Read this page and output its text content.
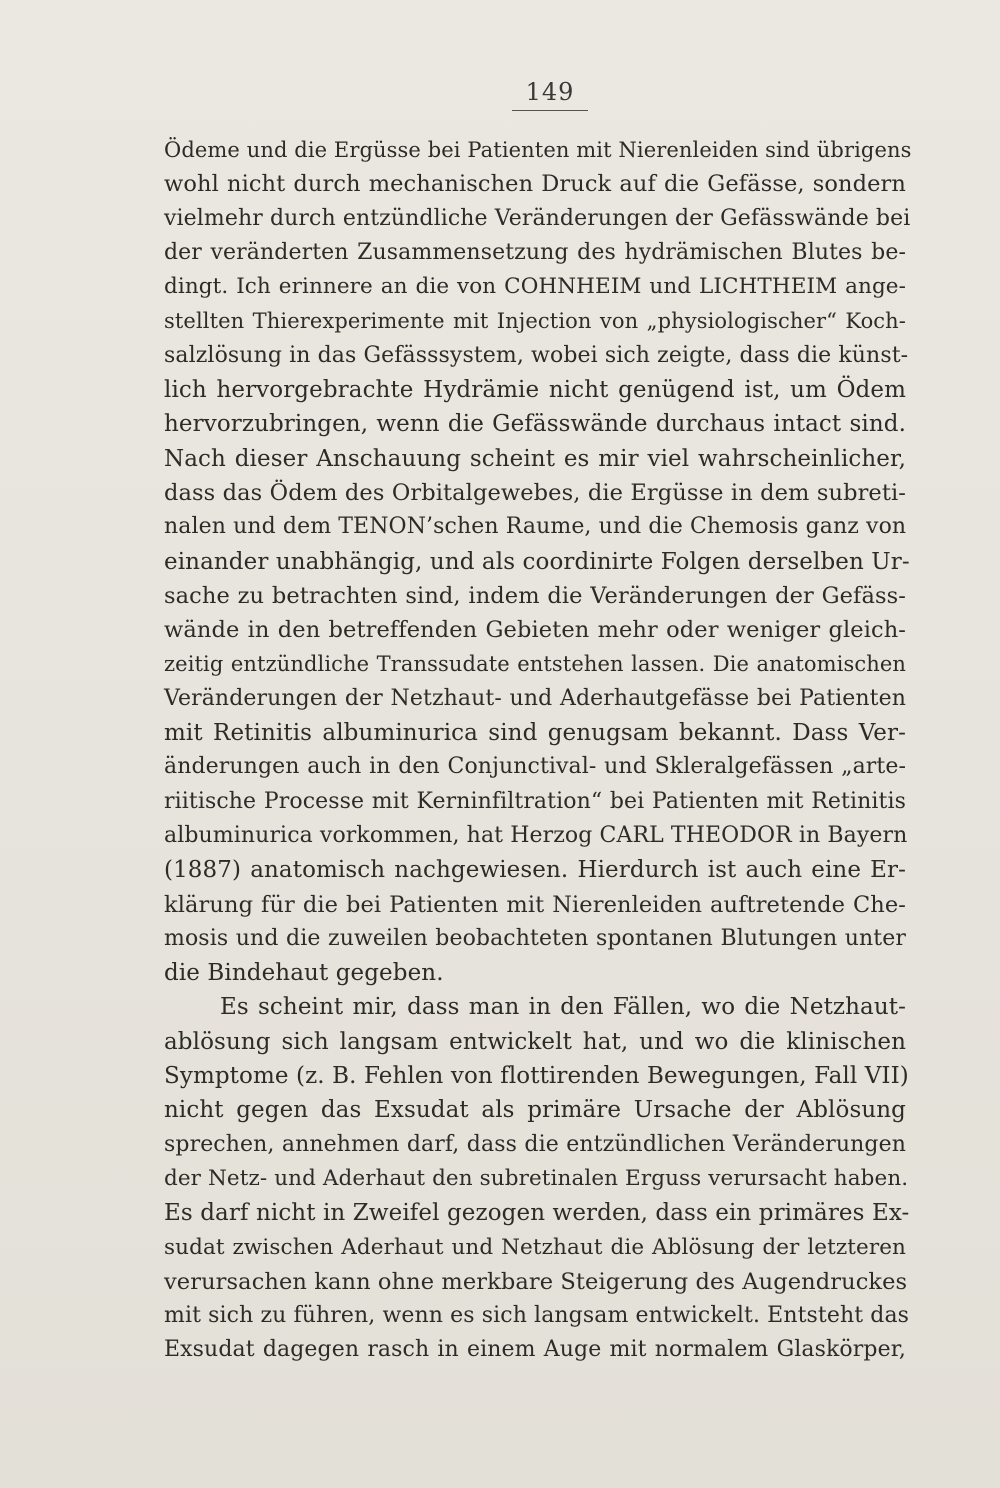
149
Ödeme und die Ergüsse bei Patienten mit Nierenleiden sind übrigens
wohl nicht durch mechanischen Druck auf die Gefässe, sondern
vielmehr durch entzündliche Veränderungen der Gefässwände bei
der veränderten Zusammensetzung des hydrämischen Blutes be-
dingt. Ich erinnere an die von COHNHEIM und LICHTHEIM ange-
stellten Thierexperimente mit Injection von „physiologischer“ Koch-
salzlösung in das Gefässsystem, wobei sich zeigte, dass die künst-
lich hervorgebrachte Hydrämie nicht genügend ist, um Ödem
hervorzubringen, wenn die Gefässwände durchaus intact sind.
Nach dieser Anschauung scheint es mir viel wahrscheinlicher,
dass das Ödem des Orbitalgewebes, die Ergüsse in dem subreti-
nalen und dem TENON’schen Raume, und die Chemosis ganz von
einander unabhängig, und als coordinirte Folgen derselben Ur-
sache zu betrachten sind, indem die Veränderungen der Gefäss-
wände in den betreffenden Gebieten mehr oder weniger gleich-
zeitig entzündliche Transsudate entstehen lassen. Die anatomischen
Veränderungen der Netzhaut- und Aderhautgefässe bei Patienten
mit Retinitis albuminurica sind genugsam bekannt. Dass Ver-
änderungen auch in den Conjunctival- und Skleralgefässen „arte-
riitische Processe mit Kerninfiltration“ bei Patienten mit Retinitis
albuminurica vorkommen, hat Herzog CARL THEODOR in Bayern
(1887) anatomisch nachgewiesen. Hierdurch ist auch eine Er-
klärung für die bei Patienten mit Nierenleiden auftretende Che-
mosis und die zuweilen beobachteten spontanen Blutungen unter
die Bindehaut gegeben.
Es scheint mir, dass man in den Fällen, wo die Netzhaut-
ablösung sich langsam entwickelt hat, und wo die klinischen
Symptome (z. B. Fehlen von flottirenden Bewegungen, Fall VII)
nicht gegen das Exsudat als primäre Ursache der Ablösung
sprechen, annehmen darf, dass die entzündlichen Veränderungen
der Netz- und Aderhaut den subretinalen Erguss verursacht haben.
Es darf nicht in Zweifel gezogen werden, dass ein primäres Ex-
sudat zwischen Aderhaut und Netzhaut die Ablösung der letzteren
verursachen kann ohne merkbare Steigerung des Augendruckes
mit sich zu führen, wenn es sich langsam entwickelt. Entsteht das
Exsudat dagegen rasch in einem Auge mit normalem Glaskörper,
